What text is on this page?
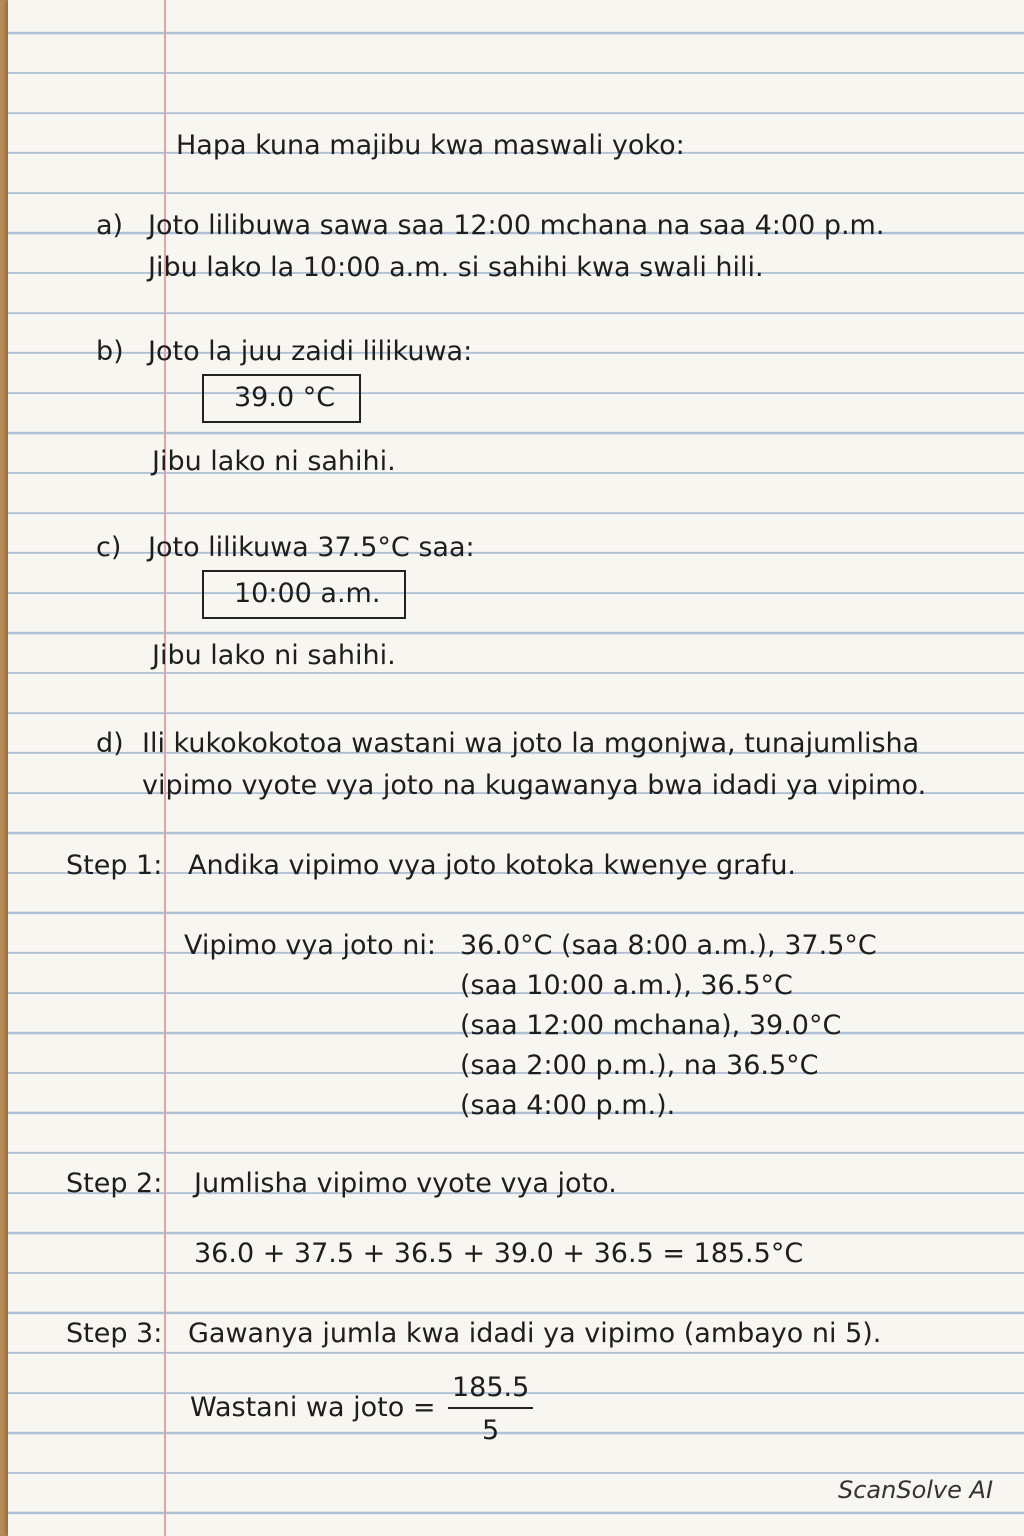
Hapa kuna majibu kwa maswali yoko:

a) Joto lilibuwa sawa saa 12:00 mchana na saa 4:00 p.m.

Jibu lako la 10:00 a.m. si sahihi kwa swali hili.

b) Joto la juu zaidi lilikuwa:

39.0 °C

Jibu lako ni sahihi.

c) Joto lilikuwa 37.5°C saa:

10:00 a.m.

Jibu lako ni sahihi.

d) Ili kukokokotoa wastani wa joto la mgonjwa, tunajumlisha

vipimo vyote vya joto na kugawanya bwa idadi ya vipimo.

Step 1: Andika vipimo vya joto kotoka kwenye grafu.

Vipimo vya joto ni: 36.0°C (saa 8:00 a.m.), 37.5°C

(saa 10:00 a.m.), 36.5°C

(saa 12:00 mchana), 39.0°C

(saa 2:00 p.m.), na 36.5°C

(saa 4:00 p.m.).

Step 2: Jumlisha vipimo vyote vya joto.

36.0 + 37.5 + 36.5 + 39.0 + 36.5 = 185.5°C

Step 3: Gawanya jumla kwa idadi ya vipimo (ambayo ni 5).

Wastani wa joto = $\frac{185.5}{5}$

ScanSolve AI
